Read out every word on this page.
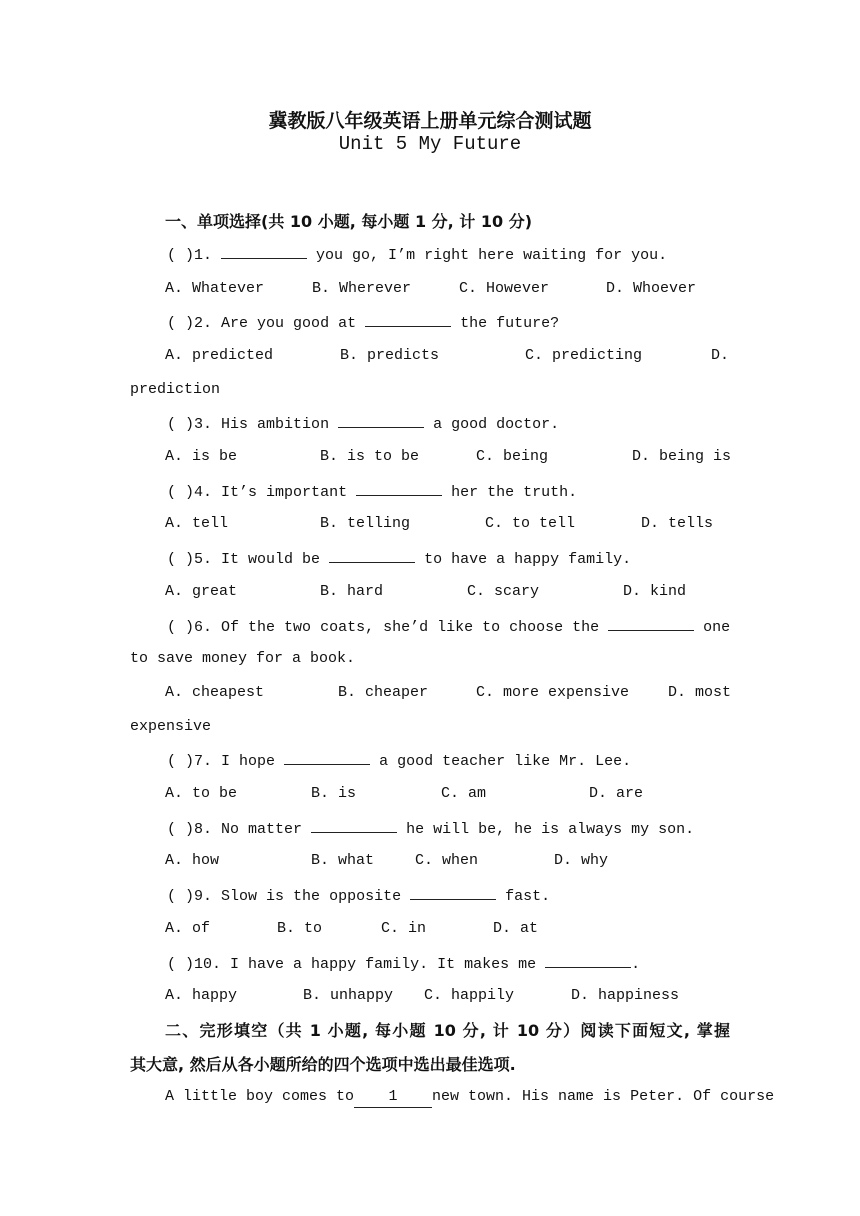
冀教版八年级英语上册单元综合测试题
Unit 5 My Future
一、单项选择(共 10 小题, 每小题 1 分, 计 10 分)
( )1.	you go, I’m right here waiting for you.
A. Whatever	B. Wherever	C. However	D. Whoever
( )2. Are you good at	the future?
A. predicted	B. predicts	C. predicting	D.
prediction
( )3. His ambition	a good doctor.
A. is be	B. is to be	C. being	D. being is
( )4. It’s important	her the truth.
A. tell	B. telling	C. to tell	D. tells
( )5. It would be	to have a happy family.
A. great	B. hard	C. scary	D. kind
( )6. Of the two coats, she’d like to choose the	one
to save money for a book.
A. cheapest	B. cheaper	C. more expensive	D. most
expensive
( )7. I hope	a good teacher like Mr. Lee.
A. to be	B. is	C. am	D. are
( )8. No matter	he will be, he is always my son.
A. how	B. what	C. when	D. why
( )9. Slow is the opposite	fast.
A. of	B. to	C. in	D. at
( )10. I have a happy family. It makes me	.
A. happy	B. unhappy C. happily	D. happiness
二、完形填空（共 1 小题, 每小题 10 分, 计 10 分）阅读下面短文, 掌握
其大意, 然后从各小题所给的四个选项中选出最佳选项.
A little boy comes to 1	new town. His name is Peter. Of course
